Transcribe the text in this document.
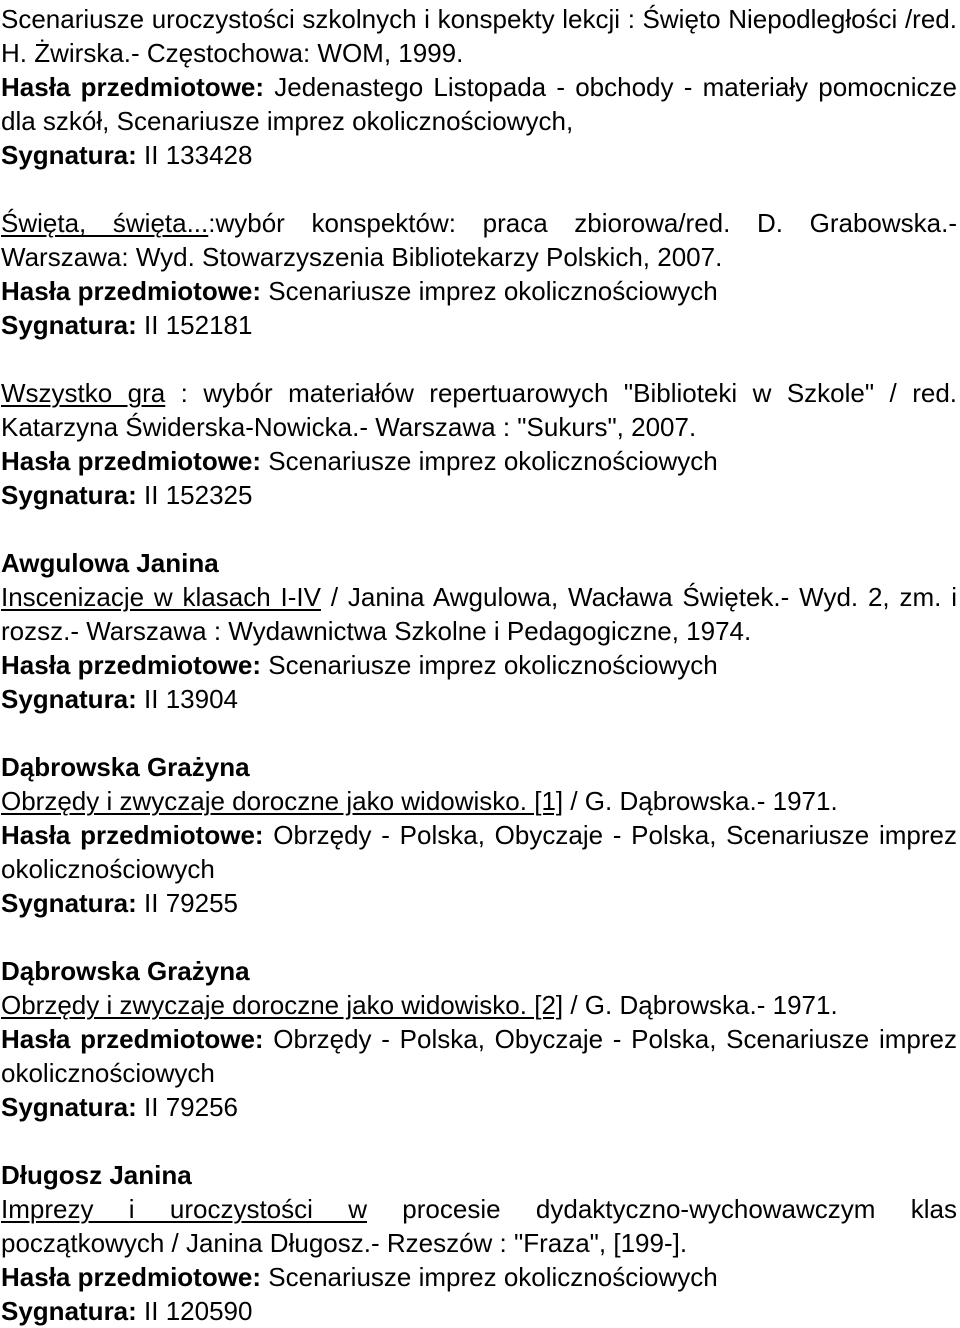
Scenariusze uroczystości szkolnych i konspekty lekcji : Święto Niepodległości /red. H. Żwirska.- Częstochowa: WOM, 1999.
Hasła przedmiotowe: Jedenastego Listopada - obchody - materiały pomocnicze dla szkół, Scenariusze imprez okolicznościowych,
Sygnatura: II 133428
Święta, święta...:wybór konspektów: praca zbiorowa/red. D. Grabowska.- Warszawa: Wyd. Stowarzyszenia Bibliotekarzy Polskich, 2007.
Hasła przedmiotowe: Scenariusze imprez okolicznościowych
Sygnatura: II 152181
Wszystko gra : wybór materiałów repertuarowych "Biblioteki w Szkole" / red. Katarzyna Świderska-Nowicka.- Warszawa : "Sukurs", 2007.
Hasła przedmiotowe: Scenariusze imprez okolicznościowych
Sygnatura: II 152325
Awgulowa Janina
Inscenizacje w klasach I-IV / Janina Awgulowa, Wacława Świętek.- Wyd. 2, zm. i rozsz.- Warszawa : Wydawnictwa Szkolne i Pedagogiczne, 1974.
Hasła przedmiotowe: Scenariusze imprez okolicznościowych
Sygnatura: II 13904
Dąbrowska Grażyna
Obrzędy i zwyczaje doroczne jako widowisko. [1] / G. Dąbrowska.- 1971.
Hasła przedmiotowe: Obrzędy - Polska, Obyczaje - Polska, Scenariusze imprez okolicznościowych
Sygnatura: II 79255
Dąbrowska Grażyna
Obrzędy i zwyczaje doroczne jako widowisko. [2] / G. Dąbrowska.- 1971.
Hasła przedmiotowe: Obrzędy - Polska, Obyczaje - Polska, Scenariusze imprez okolicznościowych
Sygnatura: II 79256
Długosz Janina
Imprezy i uroczystości w procesie dydaktyczno-wychowawczym klas początkowych / Janina Długosz.- Rzeszów : "Fraza", [199-].
Hasła przedmiotowe: Scenariusze imprez okolicznościowych
Sygnatura: II 120590
